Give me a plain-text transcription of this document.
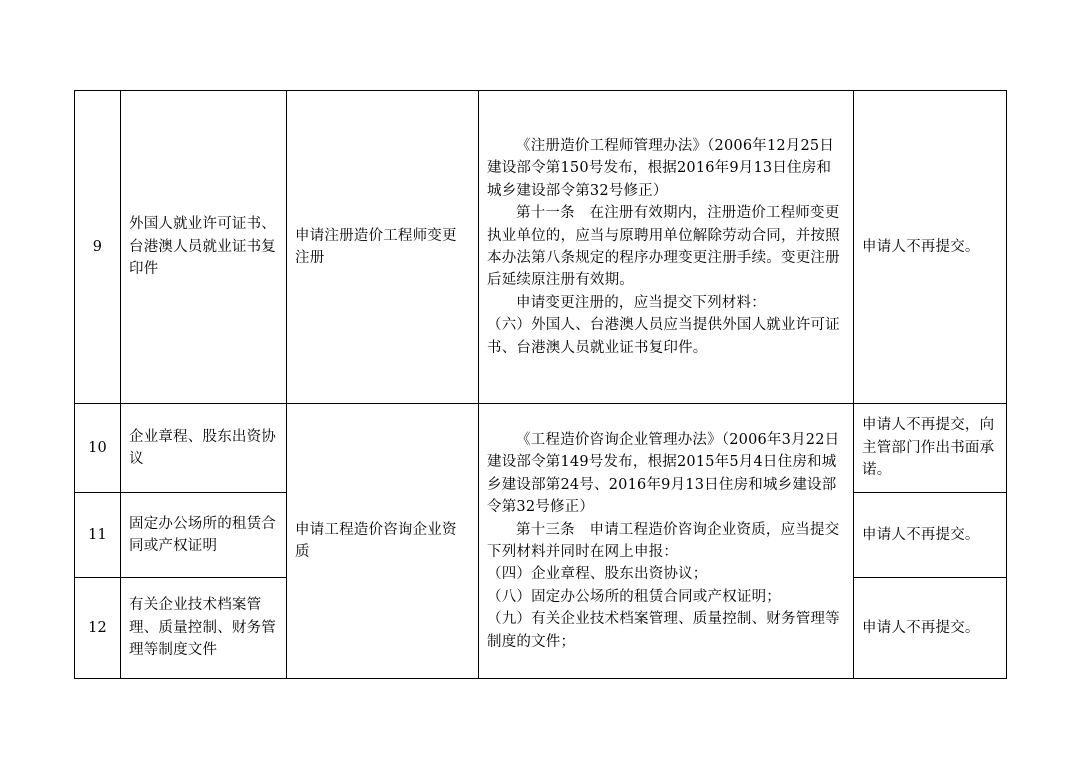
9	外国人就业许可证书、台港澳人员就业证书复印件	申请注册造价工程师变更注册	《注册造价工程师管理办法》（2006年12月25日建设部令第150号发布，根据2016年9月13日住房和城乡建设部令第32号修正）

第十一条　在注册有效期内，注册造价工程师变更执业单位的，应当与原聘用单位解除劳动合同，并按照本办法第八条规定的程序办理变更注册手续。变更注册后延续原注册有效期。

申请变更注册的，应当提交下列材料：

（六）外国人、台港澳人员应当提供外国人就业许可证书、台港澳人员就业证书复印件。	申请人不再提交。
10	企业章程、股东出资协议	申请工程造价咨询企业资质	《工程造价咨询企业管理办法》（2006年3月22日建设部令第149号发布，根据2015年5月4日住房和城乡建设部第24号、2016年9月13日住房和城乡建设部令第32号修正）

第十三条　申请工程造价咨询企业资质，应当提交下列材料并同时在网上申报：

（四）企业章程、股东出资协议；

（八）固定办公场所的租赁合同或产权证明；

（九）有关企业技术档案管理、质量控制、财务管理等制度的文件；	申请人不再提交，向主管部门作出书面承诺。
11	固定办公场所的租赁合同或产权证明			申请人不再提交。
12	有关企业技术档案管理、质量控制、财务管理等制度文件			申请人不再提交。
